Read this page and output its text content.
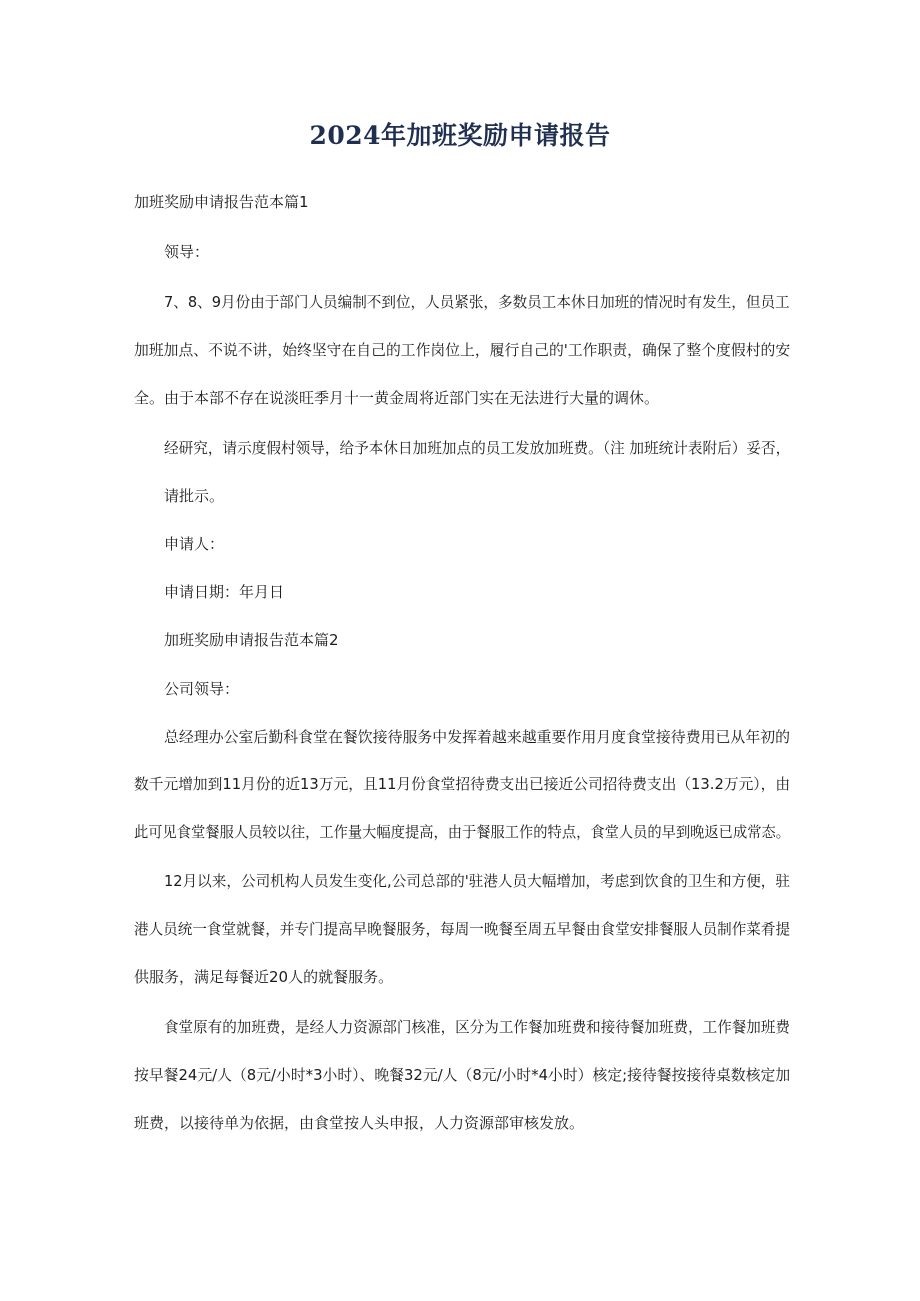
2024年加班奖励申请报告
加班奖励申请报告范本篇1
领导：
7、8、9月份由于部门人员编制不到位，人员紧张，多数员工本休日加班的情况时有发生，但员工
加班加点、不说不讲，始终坚守在自己的工作岗位上，履行自己的'工作职责，确保了整个度假村的安
全。由于本部不存在说淡旺季月十一黄金周将近部门实在无法进行大量的调休。
经研究，请示度假村领导，给予本休日加班加点的员工发放加班费。（注 加班统计表附后）妥否，
请批示。
申请人：
申请日期：年月日
加班奖励申请报告范本篇2
公司领导：
总经理办公室后勤科食堂在餐饮接待服务中发挥着越来越重要作用月度食堂接待费用已从年初的
数千元增加到11月份的近13万元，且11月份食堂招待费支出已接近公司招待费支出（13.2万元），由
此可见食堂餐服人员较以往，工作量大幅度提高，由于餐服工作的特点，食堂人员的早到晚返已成常态。
12月以来，公司机构人员发生变化,公司总部的'驻港人员大幅增加，考虑到饮食的卫生和方便，驻
港人员统一食堂就餐，并专门提高早晚餐服务，每周一晚餐至周五早餐由食堂安排餐服人员制作菜肴提
供服务，满足每餐近20人的就餐服务。
食堂原有的加班费，是经人力资源部门核准，区分为工作餐加班费和接待餐加班费，工作餐加班费
按早餐24元/人（8元/小时*3小时）、晚餐32元/人（8元/小时*4小时）核定;接待餐按接待桌数核定加
班费，以接待单为依据，由食堂按人头申报，人力资源部审核发放。
